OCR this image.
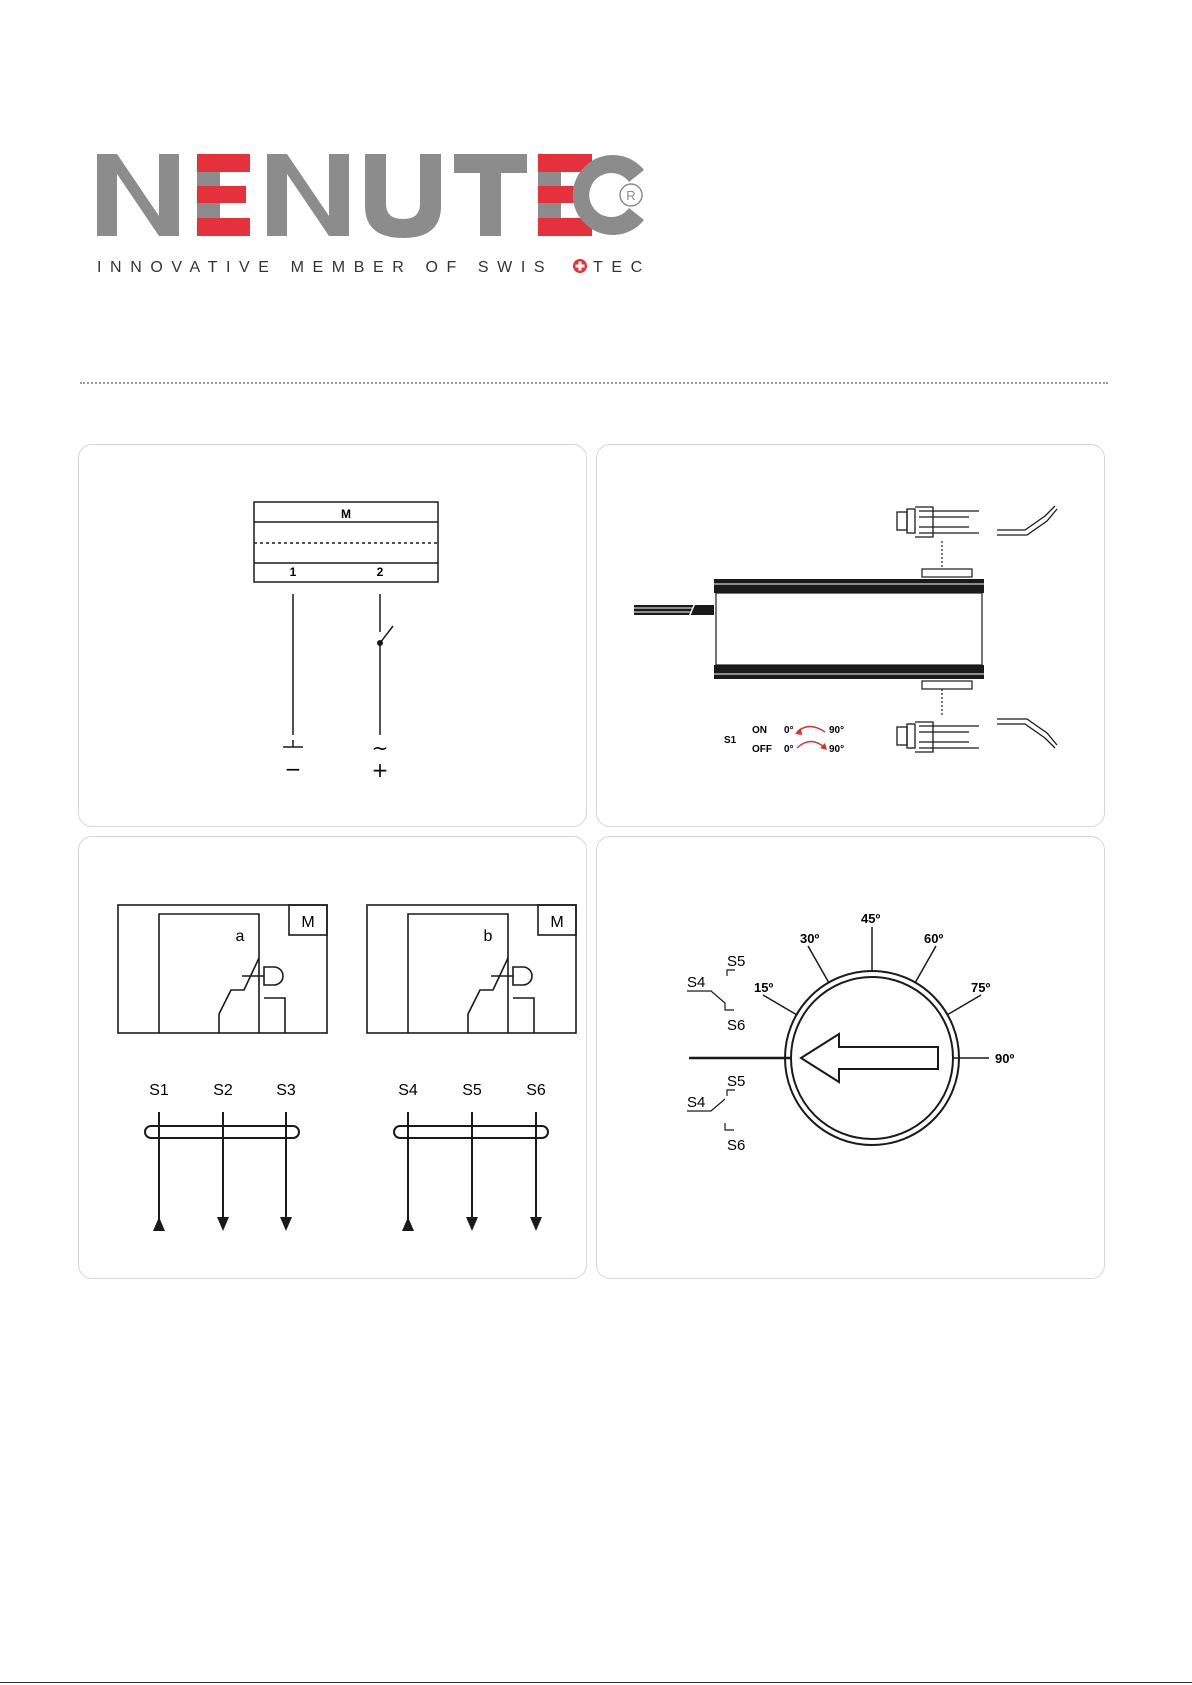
R
INNOVATIVE MEMBER OF SWIS TEC
M
1	2
−
~
+
S1
ON
OFF
0°	90°
0°	90°
M	M
a	b
S1	S2	S3	S4	S5	S6
15º
30º
45º
60º
75º
90º
S5
S4
S6
S5
S4
S6
